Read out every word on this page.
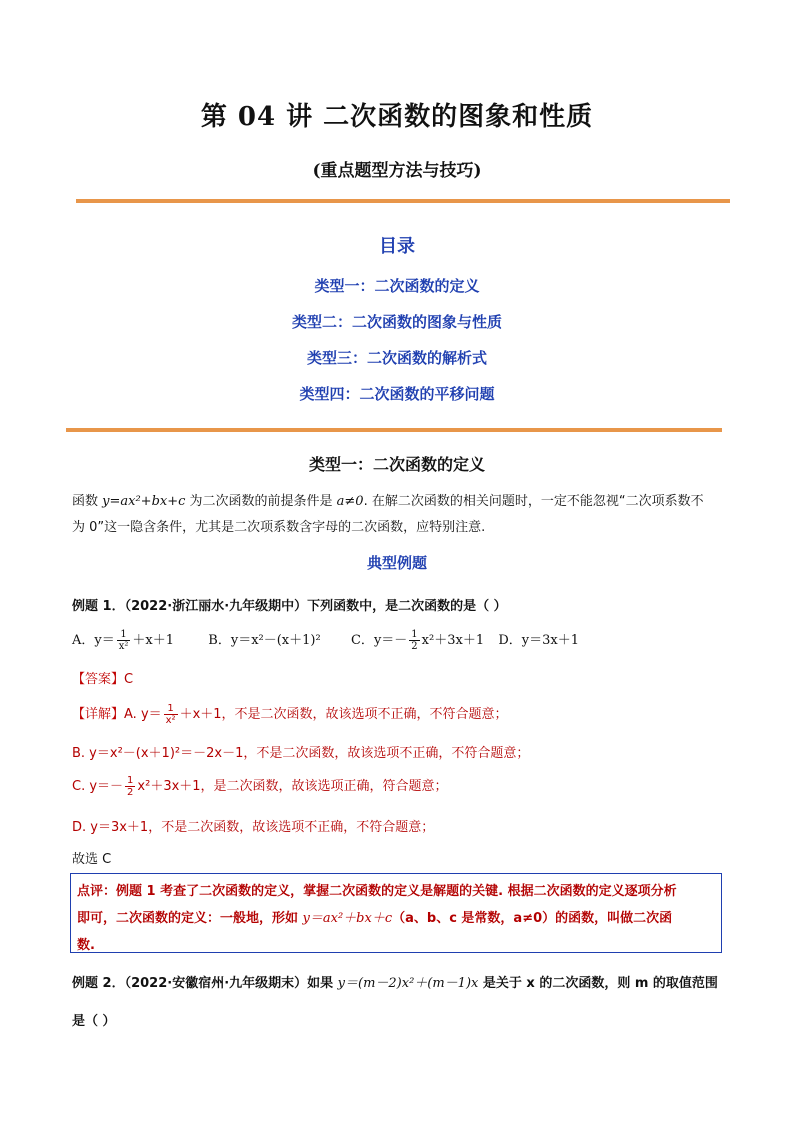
第 04 讲 二次函数的图象和性质
(重点题型方法与技巧)
目录
类型一：二次函数的定义
类型二：二次函数的图象与性质
类型三：二次函数的解析式
类型四：二次函数的平移问题
类型一：二次函数的定义
函数 y=ax²+bx+c 为二次函数的前提条件是 a≠0. 在解二次函数的相关问题时，一定不能忽视“二次项系数不
为 0”这一隐含条件，尤其是二次项系数含字母的二次函数，应特别注意.
典型例题
例题 1．（2022·浙江丽水·九年级期中）下列函数中，是二次函数的是（ ）
A．$y= \frac{1}{\text{x²}} +x+1$	B．y＝x²－(x＋1)² C．$y=- \frac{1}{2} x^2+3x+1$ D．y＝3x＋1
【答案】C
【详解】A. $y= \frac{1}{\text{x²}} +x+1$，不是二次函数，故该选项不正确，不符合题意；
B. y＝x²－(x＋1)²＝－2x－1，不是二次函数，故该选项不正确，不符合题意；
C. $y=- \frac{1}{2} x^2+3x+1$，是二次函数，故该选项正确，符合题意；
D. y＝3x＋1，不是二次函数，故该选项不正确，不符合题意；
故选 C
点评：例题 1 考查了二次函数的定义，掌握二次函数的定义是解题的关键. 根据二次函数的定义逐项分析
即可，二次函数的定义：一般地，形如 y＝ax²＋bx＋c（a、b、c 是常数，a≠0）的函数，叫做二次函
数.
例题 2．（2022·安徽宿州·九年级期末）如果 y＝(m－2)x²＋(m－1)x 是关于 x 的二次函数，则 m 的取值范围
是（ ）
